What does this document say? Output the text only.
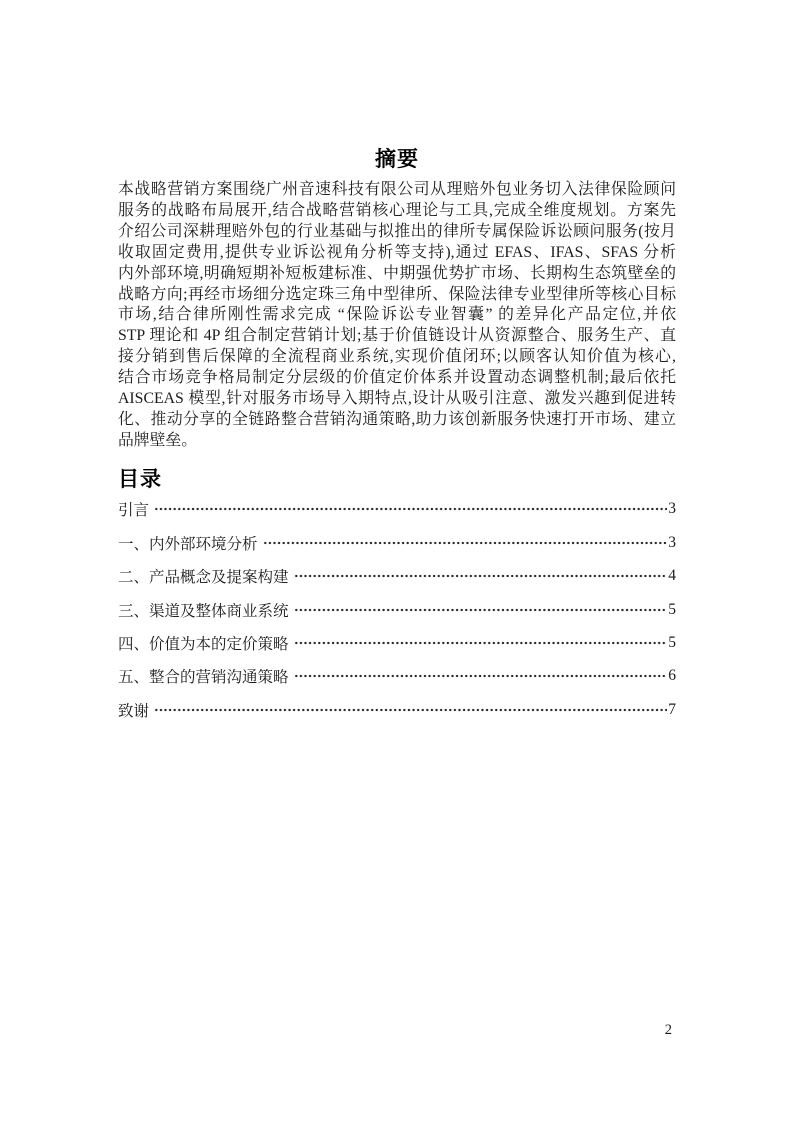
摘要
本战略营销方案围绕广州音速科技有限公司从理赔外包业务切入法律保险顾问
服务的战略布局展开,结合战略营销核心理论与工具,完成全维度规划。方案先
介绍公司深耕理赔外包的行业基础与拟推出的律所专属保险诉讼顾问服务(按月
收取固定费用,提供专业诉讼视角分析等支持),通过 EFAS、IFAS、SFAS 分析
内外部环境,明确短期补短板建标准、中期强优势扩市场、长期构生态筑壁垒的
战略方向;再经市场细分选定珠三角中型律所、保险法律专业型律所等核心目标
市场,结合律所刚性需求完成 “保险诉讼专业智囊” 的差异化产品定位,并依
STP 理论和 4P 组合制定营销计划;基于价值链设计从资源整合、服务生产、直
接分销到售后保障的全流程商业系统,实现价值闭环;以顾客认知价值为核心,
结合市场竞争格局制定分层级的价值定价体系并设置动态调整机制;最后依托
AISCEAS 模型,针对服务市场导入期特点,设计从吸引注意、激发兴趣到促进转
化、推动分享的全链路整合营销沟通策略,助力该创新服务快速打开市场、建立
品牌壁垒。
目录
引言	3
一、内外部环境分析	3
二、产品概念及提案构建	4
三、渠道及整体商业系统	5
四、价值为本的定价策略	5
五、整合的营销沟通策略	6
致谢	7
2
